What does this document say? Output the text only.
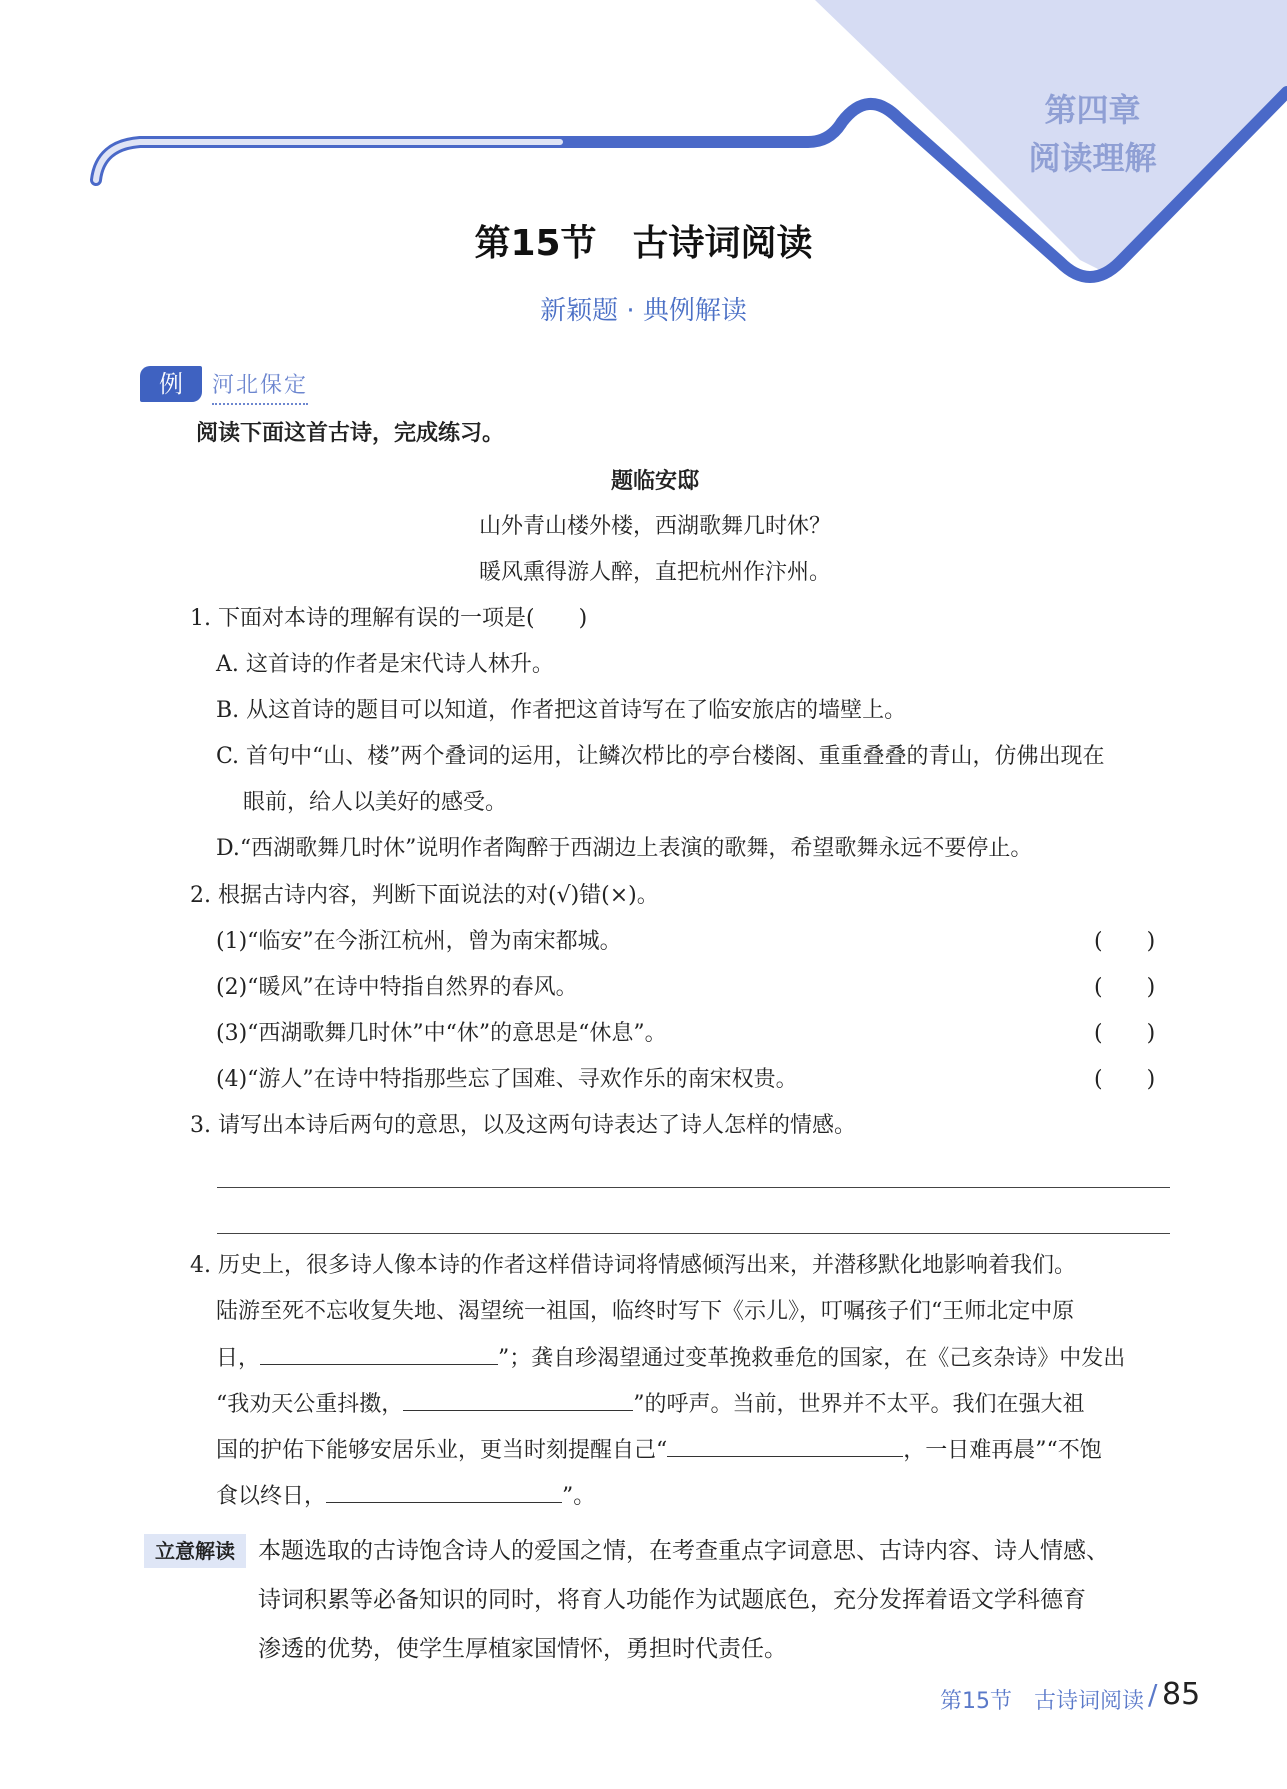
第四章
阅读理解
第15节 古诗词阅读
新颖题 · 典例解读
例	河北保定
阅读下面这首古诗，完成练习。
题临安邸
山外青山楼外楼，西湖歌舞几时休？
暖风熏得游人醉，直把杭州作汴州。
1. 下面对本诗的理解有误的一项是(　　)
A. 这首诗的作者是宋代诗人林升。
B. 从这首诗的题目可以知道，作者把这首诗写在了临安旅店的墙壁上。
C. 首句中“山、楼”两个叠词的运用，让鳞次栉比的亭台楼阁、重重叠叠的青山，仿佛出现在
眼前，给人以美好的感受。
D.“西湖歌舞几时休”说明作者陶醉于西湖边上表演的歌舞，希望歌舞永远不要停止。
2. 根据古诗内容，判断下面说法的对(√)错(×)。
(1)“临安”在今浙江杭州，曾为南宋都城。	(　　)
(2)“暖风”在诗中特指自然界的春风。	(　　)
(3)“西湖歌舞几时休”中“休”的意思是“休息”。	(　　)
(4)“游人”在诗中特指那些忘了国难、寻欢作乐的南宋权贵。	(　　)
3. 请写出本诗后两句的意思，以及这两句诗表达了诗人怎样的情感。
4. 历史上，很多诗人像本诗的作者这样借诗词将情感倾泻出来，并潜移默化地影响着我们。
陆游至死不忘收复失地、渴望统一祖国，临终时写下《示儿》，叮嘱孩子们“王师北定中原
日，	”；龚自珍渴望通过变革挽救垂危的国家，在《己亥杂诗》中发出
“我劝天公重抖擞，	”的呼声。当前，世界并不太平。我们在强大祖
国的护佑下能够安居乐业，更当时刻提醒自己“	，一日难再晨”“不饱
食以终日，	”。
立意解读	本题选取的古诗饱含诗人的爱国之情，在考查重点字词意思、古诗内容、诗人情感、
诗词积累等必备知识的同时，将育人功能作为试题底色，充分发挥着语文学科德育
渗透的优势，使学生厚植家国情怀，勇担时代责任。
第15节 古诗词阅读 / 85
